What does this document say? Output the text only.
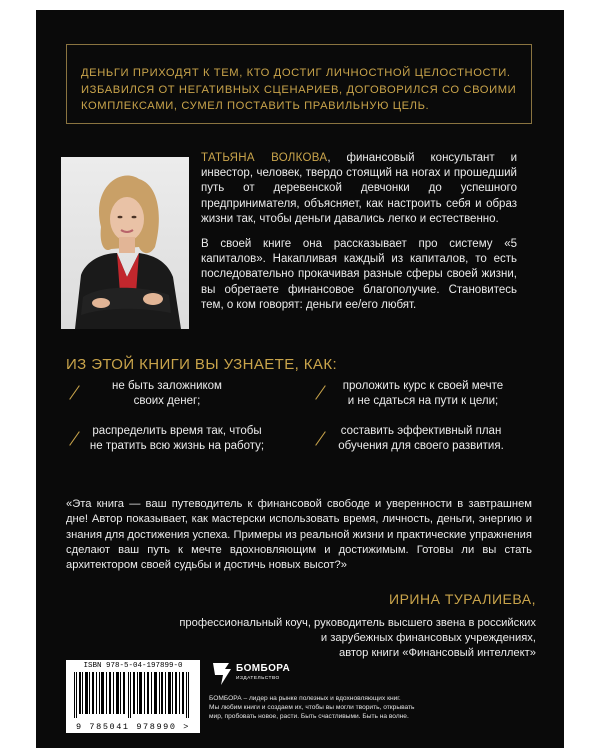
ДЕНЬГИ ПРИХОДЯТ К ТЕМ, КТО ДОСТИГ ЛИЧНОСТНОЙ ЦЕЛОСТНОСТИ.
ИЗБАВИЛСЯ ОТ НЕГАТИВНЫХ СЦЕНАРИЕВ, ДОГОВОРИЛСЯ СО СВОИМИ
КОМПЛЕКСАМИ, СУМЕЛ ПОСТАВИТЬ ПРАВИЛЬНУЮ ЦЕЛЬ.

ТАТЬЯНА ВОЛКОВА, финансовый консультант и инвестор, человек, твердо стоящий на ногах и прошедший путь от деревенской девчонки до успешного предпринимателя, объясняет, как настроить себя и образ жизни так, чтобы деньги давались легко и естественно.

В своей книге она рассказывает про систему «5 капиталов». Накапливая каждый из капиталов, то есть последовательно прокачивая разные сферы своей жизни, вы обретаете финансовое благополучие. Становитесь тем, о ком говорят: деньги ее/его любят.

ИЗ ЭТОЙ КНИГИ ВЫ УЗНАЕТЕ, КАК:
не быть заложником
своих денег;
проложить курс к своей мечте
и не сдаться на пути к цели;
распределить время так, чтобы
не тратить всю жизнь на работу;
составить эффективный план
обучения для своего развития.
«Эта книга — ваш путеводитель к финансовой свободе и уверенности в завтрашнем дне! Автор показывает, как мастерски использовать время, личность, деньги, энергию и знания для достижения успеха. Примеры из реальной жизни и практические упражнения сделают ваш путь к мечте вдохновляющим и достижимым. Готовы ли вы стать архитектором своей судьбы и достичь новых высот?»
ИРИНА ТУРАЛИЕВА,
профессиональный коуч, руководитель высшего звена в российских
и зарубежных финансовых учреждениях,
автор книги «Финансовый интеллект»
ISBN 978-5-04-197899-0
9 785041 978990 >
БОМБОРА
ИЗДАТЕЛЬСТВО
БОМБОРА – лидер на рынке полезных и вдохновляющих книг.
Мы любим книги и создаем их, чтобы вы могли творить, открывать
мир, пробовать новое, расти. Быть счастливыми. Быть на волне.
